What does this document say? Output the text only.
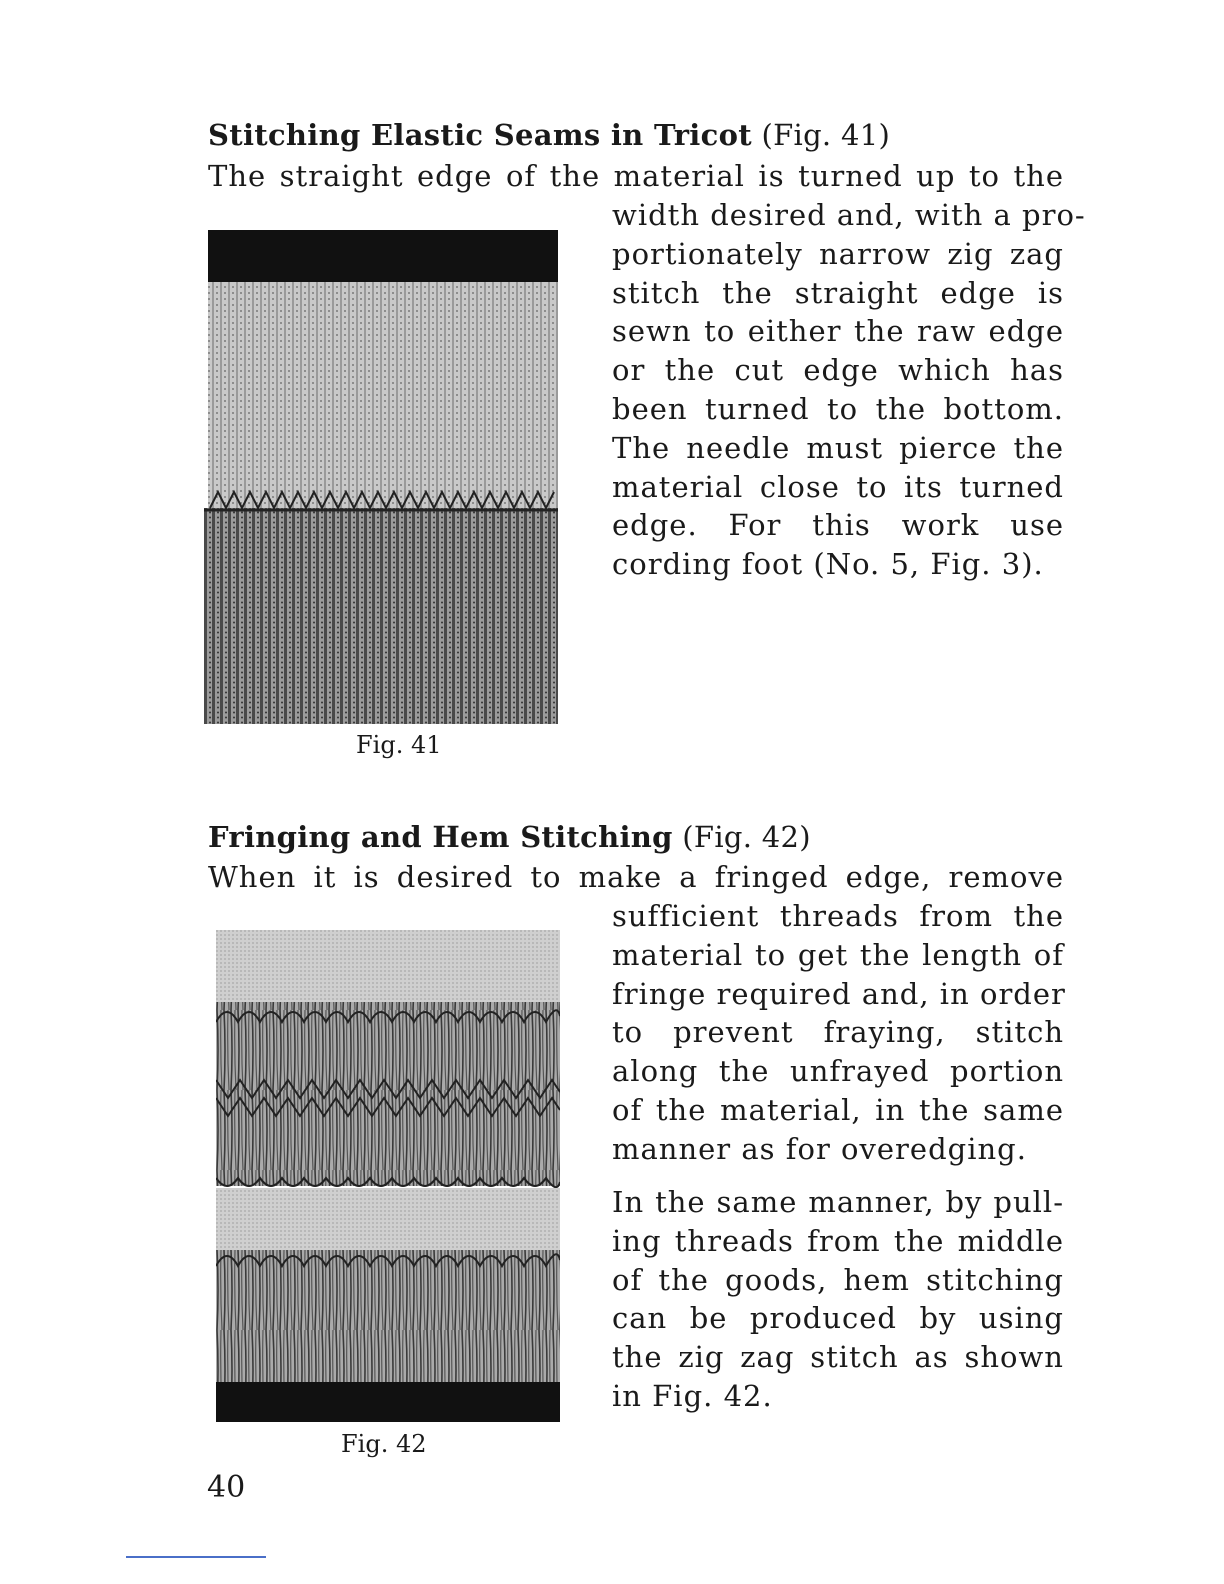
Stitching Elastic Seams in Tricot (Fig. 41)
The straight edge of the material is turned up to the
width desired and, with a pro-
portionately narrow zig zag
stitch the straight edge is
sewn to either the raw edge
or the cut edge which has
been turned to the bottom.
The needle must pierce the
material close to its turned
edge. For this work use
cording foot (No. 5, Fig. 3).
Fig. 41
Fringing and Hem Stitching (Fig. 42)
When it is desired to make a fringed edge, remove
sufficient threads from the
material to get the length of
fringe required and, in order
to prevent fraying, stitch
along the unfrayed portion
of the material, in the same
manner as for overedging.
In the same manner, by pull-
ing threads from the middle
of the goods, hem stitching
can be produced by using
the zig zag stitch as shown
in Fig. 42.
Fig. 42
40
